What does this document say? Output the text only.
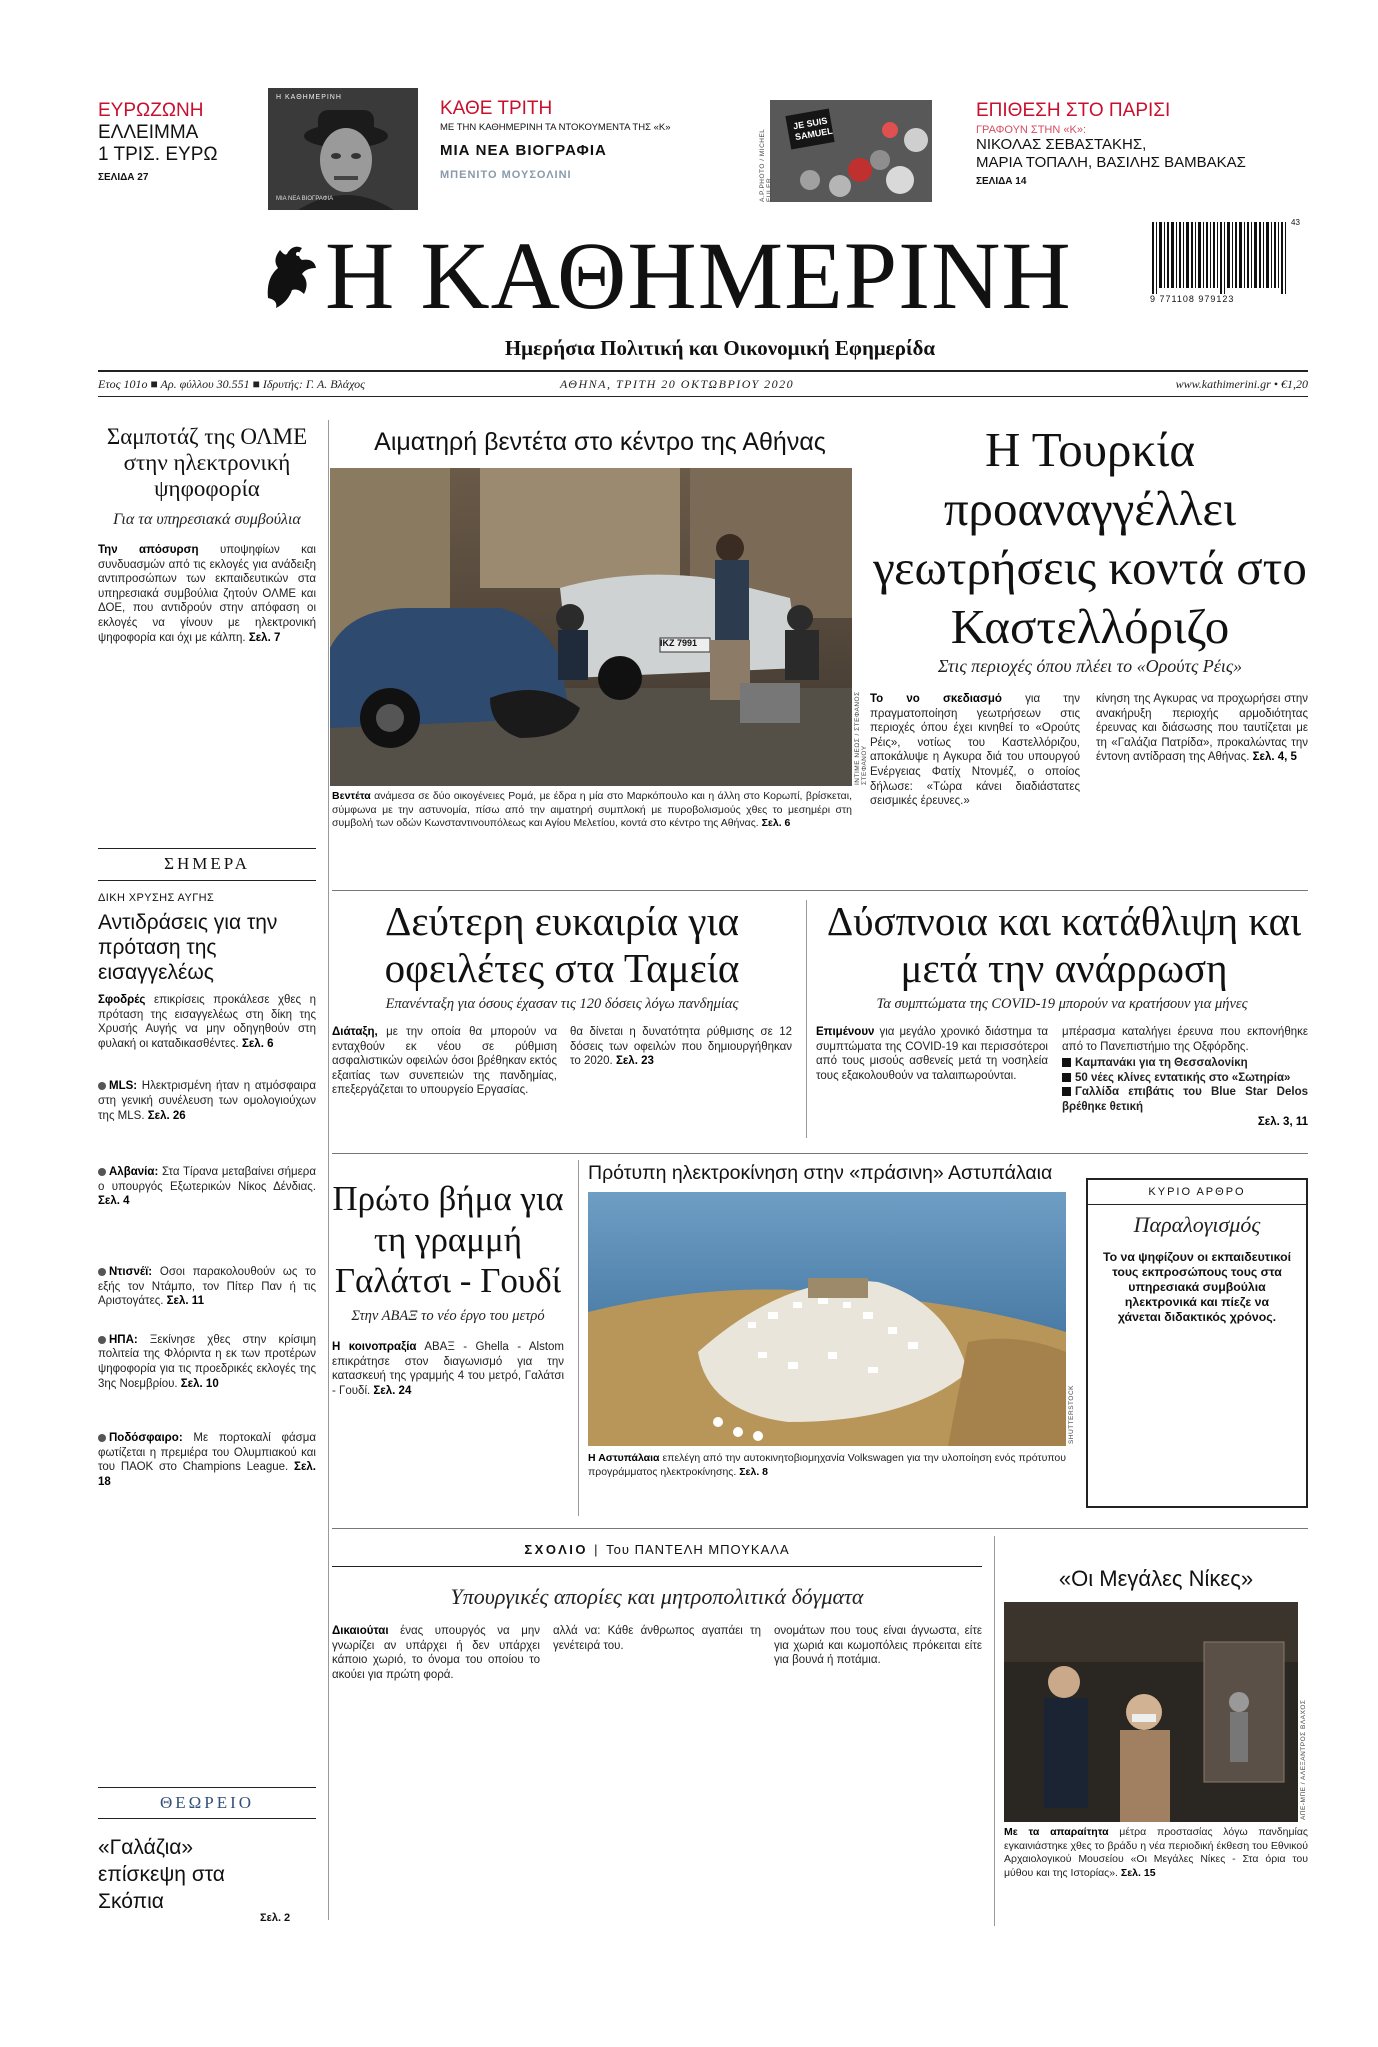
ΕΥΡΩΖΩΝΗ
ΕΛΛΕΙΜΜΑ
1 ΤΡΙΣ. ΕΥΡΩ
ΣΕΛΙΔΑ 27
Η ΚΑΘΗΜΕΡΙΝΗ
ΜΙΑ ΝΕΑ ΒΙΟΓΡΑΦΙΑ
ΚΑΘΕ ΤΡΙΤΗ
ΜΕ ΤΗΝ ΚΑΘΗΜΕΡΙΝΗ ΤΑ ΝΤΟΚΟΥΜΕΝΤΑ ΤΗΣ «Κ»
ΜΙΑ ΝΕΑ ΒΙΟΓΡΑΦΙΑ
ΜΠΕΝΙΤΟ ΜΟΥΣΟΛΙΝΙ
JE SUIS SAMUEL
A.P.PHOTO / MICHEL EULER
ΕΠΙΘΕΣΗ ΣΤΟ ΠΑΡΙΣΙ
ΓΡΑΦΟΥΝ ΣΤΗΝ «Κ»:
ΝΙΚΟΛΑΣ ΣΕΒΑΣΤΑΚΗΣ,
ΜΑΡΙΑ ΤΟΠΑΛΗ, ΒΑΣΙΛΗΣ ΒΑΜΒΑΚΑΣ
ΣΕΛΙΔΑ 14
Η ΚΑΘΗΜΕΡΙΝΗ
Ημερήσια Πολιτική και Οικονομική Εφημερίδα
43
9 771108 979123
Ετος 101ο ■ Αρ. φύλλου 30.551 ■ Ιδρυτής: Γ. Α. Βλάχος	ΑΘΗΝΑ, ΤΡΙΤΗ 20 ΟΚΤΩΒΡΙΟΥ 2020	www.kathimerini.gr • €1,20
Σαμποτάζ της ΟΛΜΕ στην ηλεκτρονική ψηφοφορία
Για τα υπηρεσιακά συμβούλια
Την απόσυρση υποψηφίων και συνδυασμών από τις εκλογές για ανάδειξη αντιπροσώπων των εκπαιδευτικών στα υπηρεσιακά συμβούλια ζητούν ΟΛΜΕ και ΔΟΕ, που αντιδρούν στην απόφαση οι εκλογές να γίνουν με ηλεκτρονική ψηφοφορία και όχι με κάλπη. Σελ. 7
ΣΗΜΕΡΑ
ΔΙΚΗ ΧΡΥΣΗΣ ΑΥΓΗΣ
Αντιδράσεις για την πρόταση της εισαγγελέως
Σφοδρές επικρίσεις προκάλεσε χθες η πρόταση της εισαγγελέως στη δίκη της Χρυσής Αυγής να μην οδηγηθούν στη φυλακή οι καταδικασθέντες. Σελ. 6
MLS: Ηλεκτρισμένη ήταν η ατμόσφαιρα στη γενική συνέλευση των ομολογιούχων της MLS. Σελ. 26
Αλβανία: Στα Τίρανα μεταβαίνει σήμερα ο υπουργός Εξωτερικών Νίκος Δένδιας. Σελ. 4
Ντισνέϊ: Οσοι παρακολουθούν ως το εξής τον Ντάμπο, τον Πίτερ Παν ή τις Αριστογάτες. Σελ. 11
ΗΠΑ: Ξεκίνησε χθες στην κρίσιμη πολιτεία της Φλόριντα η εκ των προτέρων ψηφοφορία για τις προεδρικές εκλογές της 3ης Νοεμβρίου. Σελ. 10
Ποδόσφαιρο: Με πορτοκαλί φάσμα φωτίζεται η πρεμιέρα του Ολυμπιακού και του ΠΑΟΚ στο Champions League. Σελ. 18
ΘΕΩΡΕΙΟ
«Γαλάζια» επίσκεψη στα Σκόπια
Σελ. 2
Αιματηρή βεντέτα στο κέντρο της Αθήνας
ΙΚΖ 7991
ΙΝΤΙΜΕ ΝΕΩΣ / ΣΤΕΦΑΝΟΣ ΣΤΕΦΑΝΟΥ
Βεντέτα ανάμεσα σε δύο οικογένειες Ρομά, με έδρα η μία στο Μαρκόπουλο και η άλλη στο Κορωπί, βρίσκεται, σύμφωνα με την αστυνομία, πίσω από την αιματηρή συμπλοκή με πυροβολισμούς χθες το μεσημέρι στη συμβολή των οδών Κωνσταντινουπόλεως και Αγίου Μελετίου, κοντά στο κέντρο της Αθήνας. Σελ. 6
Η Τουρκία προαναγγέλλει γεωτρήσεις κοντά στο Καστελλόριζο
Στις περιοχές όπου πλέει το «Ορούτς Ρέις»
Το νο σκεδιασμό για την πραγματοποίηση γεωτρήσεων στις περιοχές όπου έχει κινηθεί το «Ορούτς Ρέις», νοτίως του Καστελλόριζου, αποκάλυψε η Αγκυρα διά του υπουργού Ενέργειας Φατίχ Ντονμέζ, ο οποίος δήλωσε: «Τώρα κάνει διαδιάστατες σεισμικές έρευνες.»
κίνηση της Αγκυρας να προχωρήσει στην ανακήρυξη περιοχής αρμοδιότητας έρευνας και διάσωσης που ταυτίζεται με τη «Γαλάζια Πατρίδα», προκαλώντας την έντονη αντίδραση της Αθήνας. Σελ. 4, 5
Δεύτερη ευκαιρία για οφειλέτες στα Ταμεία
Επανένταξη για όσους έχασαν τις 120 δόσεις λόγω πανδημίας
Διάταξη, με την οποία θα μπορούν να ενταχθούν εκ νέου σε ρύθμιση ασφαλιστικών οφειλών όσοι βρέθηκαν εκτός εξαιτίας των συνεπειών της πανδημίας, επεξεργάζεται το υπουργείο Εργασίας.
θα δίνεται η δυνατότητα ρύθμισης σε 12 δόσεις των οφειλών που δημιουργήθηκαν το 2020. Σελ. 23
Δύσπνοια και κατάθλιψη και μετά την ανάρρωση
Τα συμπτώματα της COVID-19 μπορούν να κρατήσουν για μήνες
Επιμένουν για μεγάλο χρονικό διάστημα τα συμπτώματα της COVID-19 και περισσότεροι από τους μισούς ασθενείς μετά τη νοσηλεία τους εξακολουθούν να ταλαιπωρούνται.
μπέρασμα καταλήγει έρευνα που εκπονήθηκε από το Πανεπιστήμιο της Οξφόρδης.
Καμπανάκι για τη Θεσσαλονίκη
50 νέες κλίνες εντατικής στο «Σωτηρία»
Γαλλίδα επιβάτις του Blue Star Delos βρέθηκε θετική
Σελ. 3, 11
Πρώτο βήμα για τη γραμμή Γαλάτσι - Γουδί
Στην ΑΒΑΞ το νέο έργο του μετρό
Η κοινοπραξία ΑΒΑΞ - Ghella - Alstom επικράτησε στον διαγωνισμό για την κατασκευή της γραμμής 4 του μετρό, Γαλάτσι - Γουδί. Σελ. 24
Πρότυπη ηλεκτροκίνηση στην «πράσινη» Αστυπάλαια
SHUTTERSTOCK
Η Αστυπάλαια επελέγη από την αυτοκινητοβιομηχανία Volkswagen για την υλοποίηση ενός πρότυπου προγράμματος ηλεκτροκίνησης. Σελ. 8
ΚΥΡΙΟ ΑΡΘΡΟ
Παραλογισμός
Το να ψηφίζουν οι εκπαιδευτικοί τους εκπροσώπους τους στα υπηρεσιακά συμβούλια ηλεκτρονικά και πίεζε να χάνεται διδακτικός χρόνος.
ΣΧΟΛΙΟ | Του ΠΑΝΤΕΛΗ ΜΠΟΥΚΑΛΑ
Υπουργικές απορίες και μητροπολιτικά δόγματα
Δικαιούται ένας υπουργός να μην γνωρίζει αν υπάρχει ή δεν υπάρχει κάποιο χωριό, το όνομα του οποίου το ακούει για πρώτη φορά.
αλλά να: Κάθε άνθρωπος αγαπάει τη γενέτειρά του.
ονομάτων που τους είναι άγνωστα, είτε για χωριά και κωμοπόλεις πρόκειται είτε για βουνά ή ποτάμια.
«Οι Μεγάλες Νίκες»
ΑΠΕ-ΜΠΕ / ΑΛΕΞΑΝΤΡΟΣ ΒΛΑΧΟΣ
Με τα απαραίτητα μέτρα προστασίας λόγω πανδημίας εγκαινιάστηκε χθες το βράδυ η νέα περιοδική έκθεση του Εθνικού Αρχαιολογικού Μουσείου «Οι Μεγάλες Νίκες - Στα όρια του μύθου και της Ιστορίας». Σελ. 15
